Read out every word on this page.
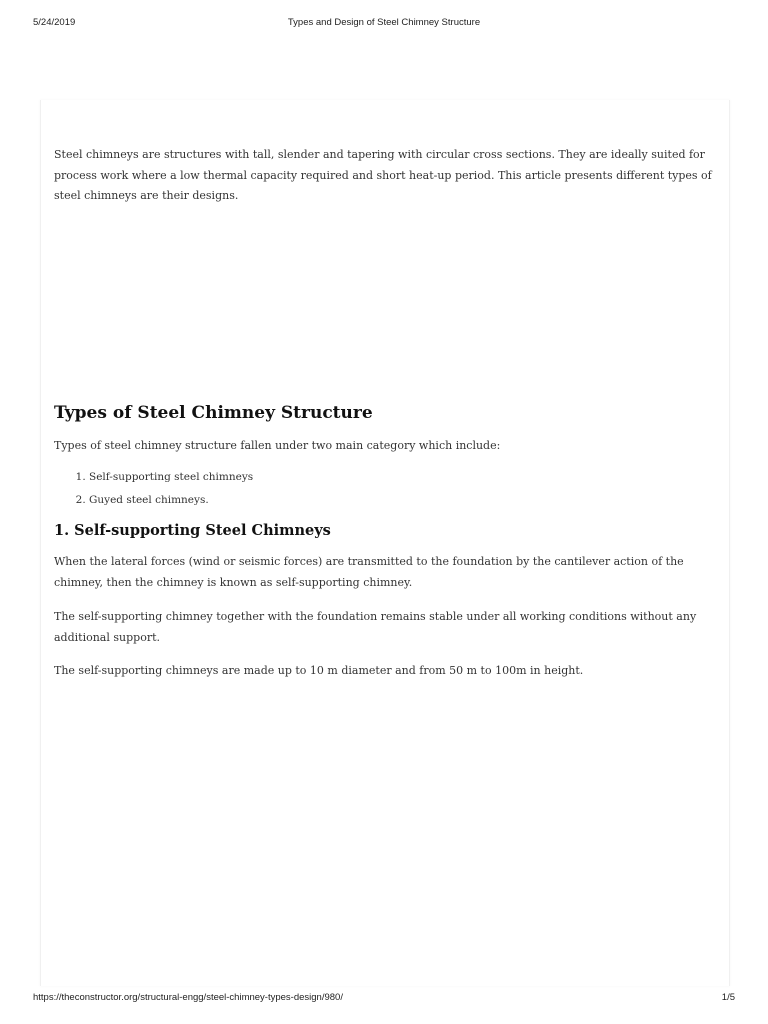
5/24/2019	Types and Design of Steel Chimney Structure

Steel chimneys are structures with tall, slender and tapering with circular cross sections. They are ideally suited for process work where a low thermal capacity required and short heat-up period. This article presents different types of steel chimneys are their designs.

Types of Steel Chimney Structure

Types of steel chimney structure fallen under two main category which include:

1. Self-supporting steel chimneys
2. Guyed steel chimneys.
1. Self-supporting Steel Chimneys

When the lateral forces (wind or seismic forces) are transmitted to the foundation by the cantilever action of the chimney, then the chimney is known as self-supporting chimney.

The self-supporting chimney together with the foundation remains stable under all working conditions without any additional support.

The self-supporting chimneys are made up to 10 m diameter and from 50 m to 100m in height.

https://theconstructor.org/structural-engg/steel-chimney-types-design/980/	1/5
